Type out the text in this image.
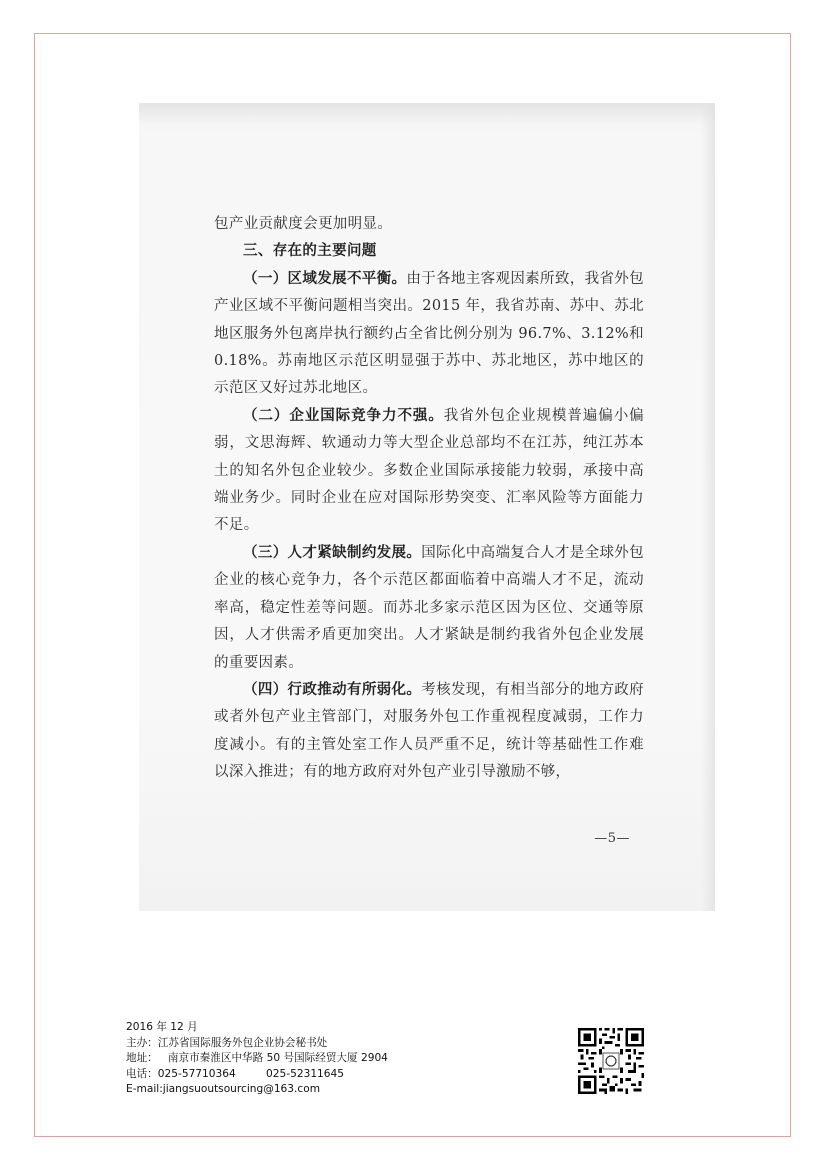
包产业贡献度会更加明显。

三、存在的主要问题

（一）区域发展不平衡。由于各地主客观因素所致，我省外包产业区域不平衡问题相当突出。2015 年，我省苏南、苏中、苏北地区服务外包离岸执行额约占全省比例分别为 96.7%、3.12%和 0.18%。苏南地区示范区明显强于苏中、苏北地区，苏中地区的示范区又好过苏北地区。

（二）企业国际竞争力不强。我省外包企业规模普遍偏小偏弱，文思海辉、软通动力等大型企业总部均不在江苏，纯江苏本土的知名外包企业较少。多数企业国际承接能力较弱，承接中高端业务少。同时企业在应对国际形势突变、汇率风险等方面能力不足。

（三）人才紧缺制约发展。国际化中高端复合人才是全球外包企业的核心竞争力，各个示范区都面临着中高端人才不足，流动率高，稳定性差等问题。而苏北多家示范区因为区位、交通等原因，人才供需矛盾更加突出。人才紧缺是制约我省外包企业发展的重要因素。

（四）行政推动有所弱化。考核发现，有相当部分的地方政府或者外包产业主管部门，对服务外包工作重视程度减弱，工作力度减小。有的主管处室工作人员严重不足，统计等基础性工作难以深入推进；有的地方政府对外包产业引导激励不够，

—5—
2016 年 12 月
主办：江苏省国际服务外包企业协会秘书处
地址：   南京市秦淮区中华路 50 号国际经贸大厦 2904
电话：025-57710364         025-52311645
E-mail:jiangsuoutsourcing@163.com
